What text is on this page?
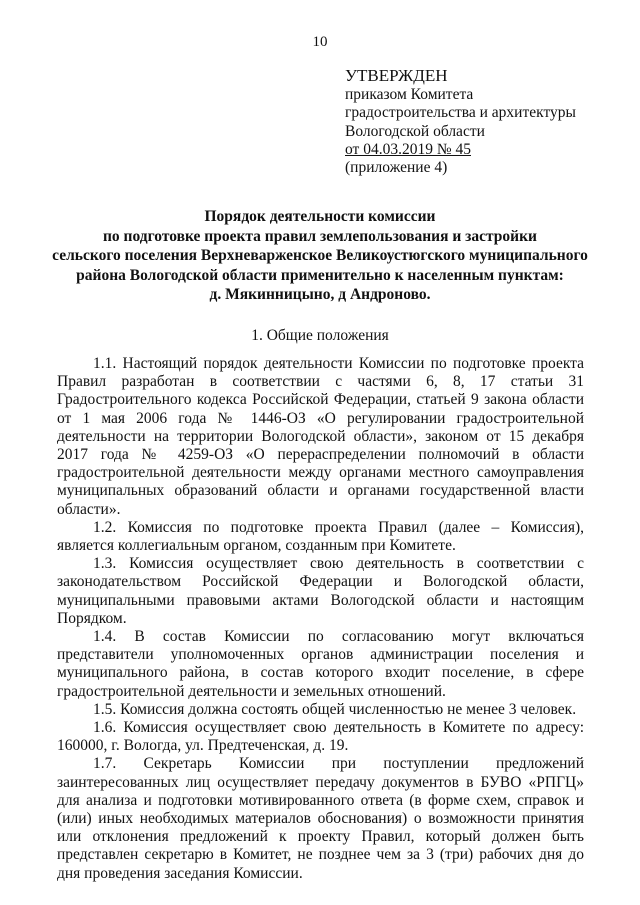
10
УТВЕРЖДЕН
приказом Комитета
градостроительства и архитектуры
Вологодской области
от 04.03.2019 № 45
(приложение 4)
Порядок деятельности комиссии
по подготовке проекта правил землепользования и застройки
сельского поселения Верхневарженское Великоустюгского муниципального
района Вологодской области применительно к населенным пунктам:
д. Мякинницыно, д Андроново.
1. Общие положения

1.1. Настоящий порядок деятельности Комиссии по подготовке проекта Правил разработан в соответствии с частями 6, 8, 17 статьи 31 Градостроительного кодекса Российской Федерации, статьей 9 закона области от 1 мая 2006 года № 1446-ОЗ «О регулировании градостроительной деятельности на территории Вологодской области», законом от 15 декабря 2017 года № 4259-ОЗ «О перераспределении полномочий в области градостроительной деятельности между органами местного самоуправления муниципальных образований области и органами государственной власти области».

1.2. Комиссия по подготовке проекта Правил (далее – Комиссия), является коллегиальным органом, созданным при Комитете.

1.3. Комиссия осуществляет свою деятельность в соответствии с законодательством Российской Федерации и Вологодской области, муниципальными правовыми актами Вологодской области и настоящим Порядком.

1.4. В состав Комиссии по согласованию могут включаться представители уполномоченных органов администрации поселения и муниципального района, в состав которого входит поселение, в сфере градостроительной деятельности и земельных отношений.

1.5. Комиссия должна состоять общей численностью не менее 3 человек.

1.6. Комиссия осуществляет свою деятельность в Комитете по адресу: 160000, г. Вологда, ул. Предтеченская, д. 19.

1.7. Секретарь Комиссии при поступлении предложений заинтересованных лиц осуществляет передачу документов в БУВО «РПГЦ» для анализа и подготовки мотивированного ответа (в форме схем, справок и (или) иных необходимых материалов обоснования) о возможности принятия или отклонения предложений к проекту Правил, который должен быть представлен секретарю в Комитет, не позднее чем за 3 (три) рабочих дня до дня проведения заседания Комиссии.
